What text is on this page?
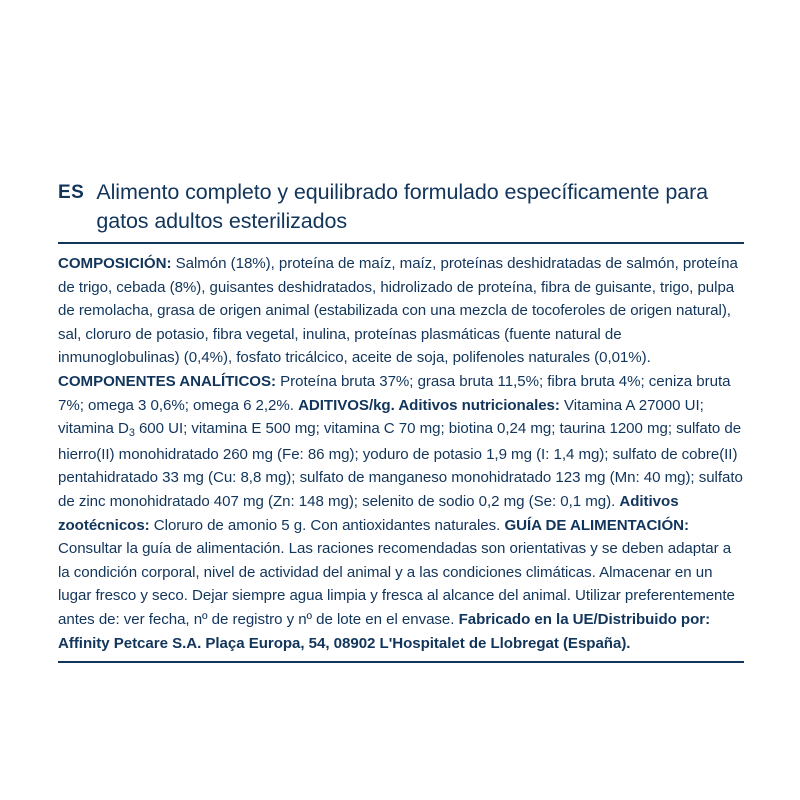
ES Alimento completo y equilibrado formulado específicamente para gatos adultos esterilizados
COMPOSICIÓN: Salmón (18%), proteína de maíz, maíz, proteínas deshidratadas de salmón, proteína de trigo, cebada (8%), guisantes deshidratados, hidrolizado de proteína, fibra de guisante, trigo, pulpa de remolacha, grasa de origen animal (estabilizada con una mezcla de tocoferoles de origen natural), sal, cloruro de potasio, fibra vegetal, inulina, proteínas plasmáticas (fuente natural de inmunoglobulinas) (0,4%), fosfato tricálcico, aceite de soja, polifenoles naturales (0,01%). COMPONENTES ANALÍTICOS: Proteína bruta 37%; grasa bruta 11,5%; fibra bruta 4%; ceniza bruta 7%; omega 3 0,6%; omega 6 2,2%. ADITIVOS/kg. Aditivos nutricionales: Vitamina A 27000 UI; vitamina $D_3$ 600 UI; vitamina E 500 mg; vitamina C 70 mg; biotina 0,24 mg; taurina 1200 mg; sulfato de hierro(II) monohidratado 260 mg (Fe: 86 mg); yoduro de potasio 1,9 mg (I: 1,4 mg); sulfato de cobre(II) pentahidratado 33 mg (Cu: 8,8 mg); sulfato de manganeso monohidratado 123 mg (Mn: 40 mg); sulfato de zinc monohidratado 407 mg (Zn: 148 mg); selenito de sodio 0,2 mg (Se: 0,1 mg). Aditivos zootécnicos: Cloruro de amonio 5 g. Con antioxidantes naturales. GUÍA DE ALIMENTACIÓN: Consultar la guía de alimentación. Las raciones recomendadas son orientativas y se deben adaptar a la condición corporal, nivel de actividad del animal y a las condiciones climáticas. Almacenar en un lugar fresco y seco. Dejar siempre agua limpia y fresca al alcance del animal. Utilizar preferentemente antes de: ver fecha, nº de registro y nº de lote en el envase. Fabricado en la UE/Distribuido por: Affinity Petcare S.A. Plaça Europa, 54, 08902 L'Hospitalet de Llobregat (España).
